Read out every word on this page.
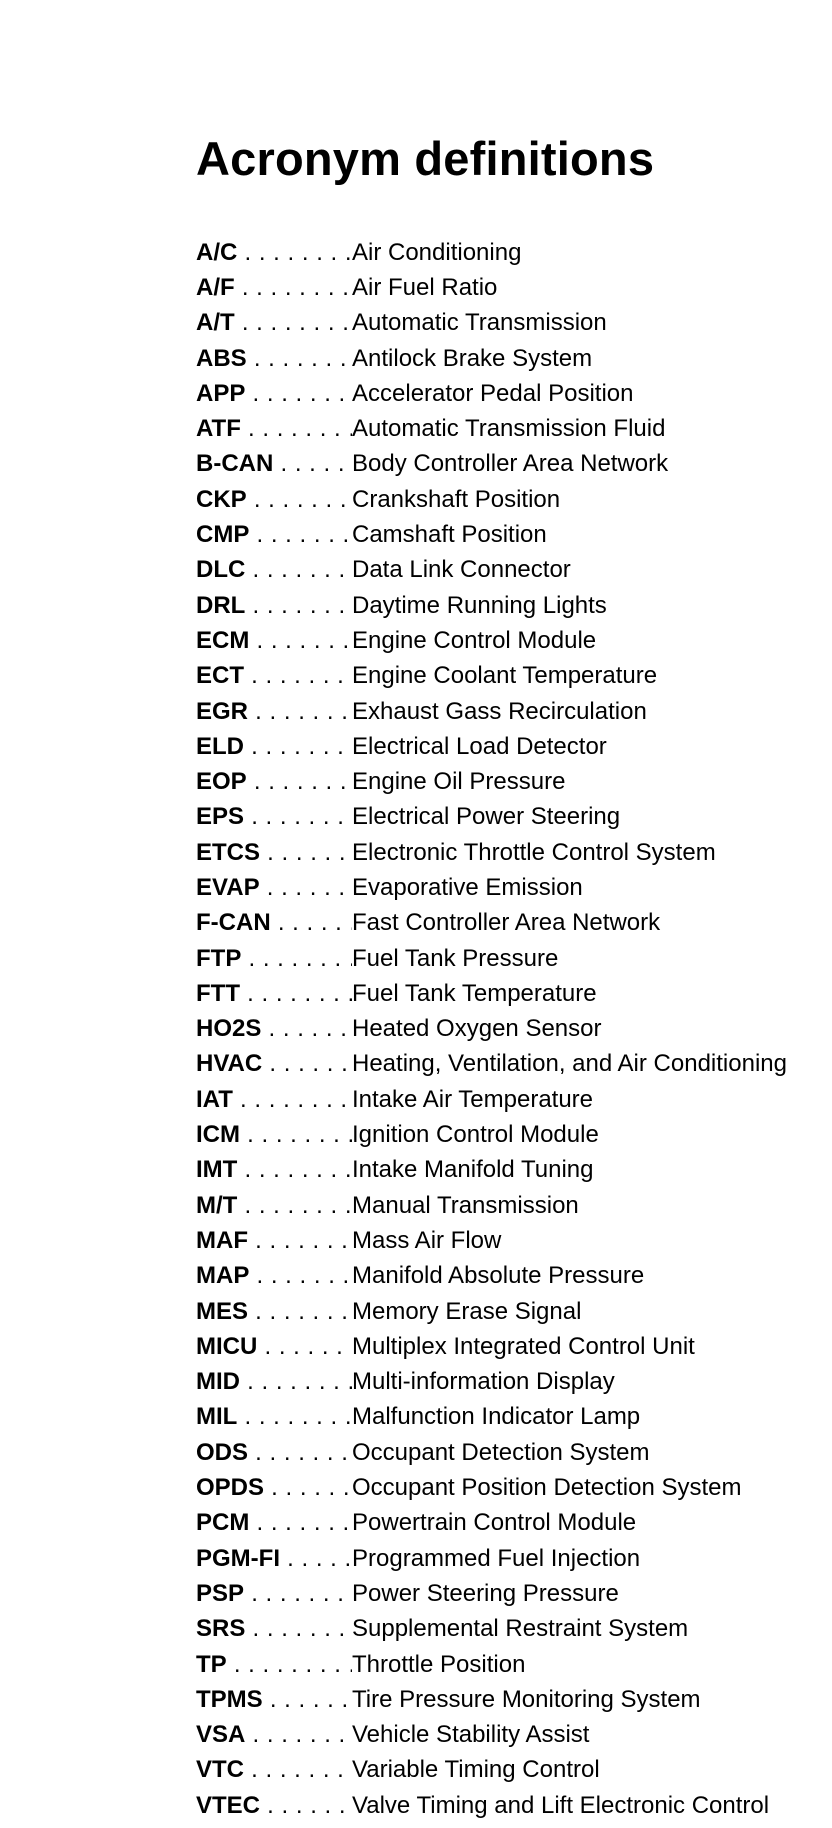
Acronym definitions
A/C . . .	Air Conditioning
A/F . . .	Air Fuel Ratio
A/T . . .	Automatic Transmission
ABS . . .	Antilock Brake System
APP . . .	Accelerator Pedal Position
ATF . . .	Automatic Transmission Fluid
B-CAN . . .	Body Controller Area Network
CKP . . .	Crankshaft Position
CMP . . .	Camshaft Position
DLC . . .	Data Link Connector
DRL . . .	Daytime Running Lights
ECM . . .	Engine Control Module
ECT . . .	Engine Coolant Temperature
EGR . . .	Exhaust Gass Recirculation
ELD . . .	Electrical Load Detector
EOP . . .	Engine Oil Pressure
EPS . . .	Electrical Power Steering
ETCS . . .	Electronic Throttle Control System
EVAP . . .	Evaporative Emission
F-CAN . . .	Fast Controller Area Network
FTP . . .	Fuel Tank Pressure
FTT . . .	Fuel Tank Temperature
HO2S . . .	Heated Oxygen Sensor
HVAC . . .	Heating, Ventilation, and Air Conditioning
IAT . . .	Intake Air Temperature
ICM . . .	Ignition Control Module
IMT . . .	Intake Manifold Tuning
M/T . . .	Manual Transmission
MAF . . .	Mass Air Flow
MAP . . .	Manifold Absolute Pressure
MES . . .	Memory Erase Signal
MICU . . .	Multiplex Integrated Control Unit
MID . . .	Multi-information Display
MIL . . .	Malfunction Indicator Lamp
ODS . . .	Occupant Detection System
OPDS . . .	Occupant Position Detection System
PCM . . .	Powertrain Control Module
PGM-FI . . .	Programmed Fuel Injection
PSP . . .	Power Steering Pressure
SRS . . .	Supplemental Restraint System
TP . . .	Throttle Position
TPMS . . .	Tire Pressure Monitoring System
VSA . . .	Vehicle Stability Assist
VTC . . .	Variable Timing Control
VTEC . . .	Valve Timing and Lift Electronic Control
